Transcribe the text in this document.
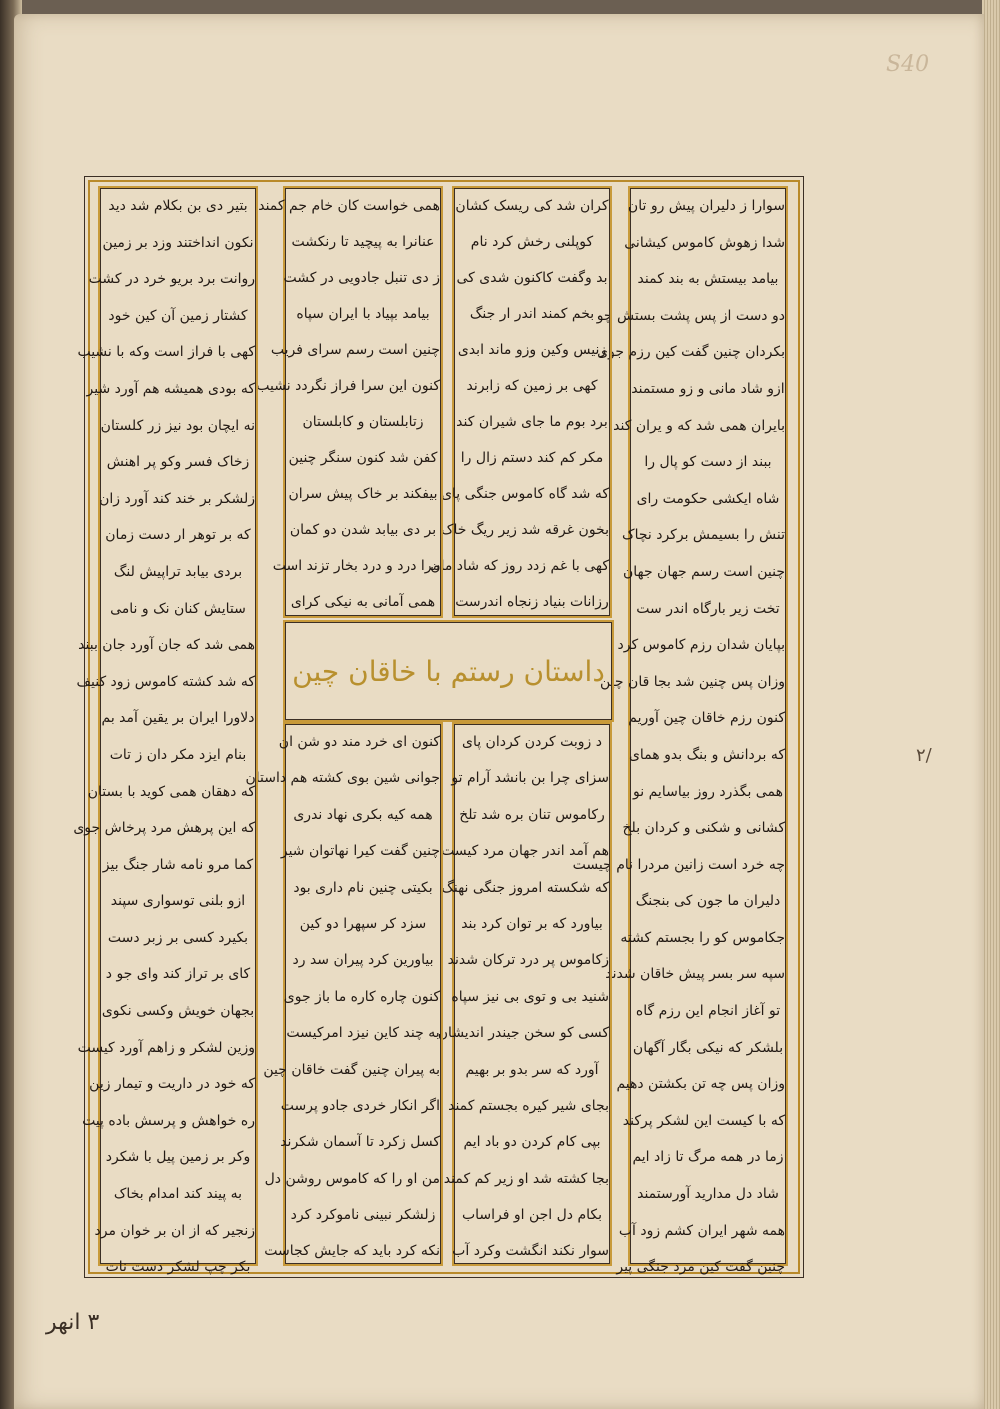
S40
٢/
٣ انهر
سوارا ز دلیران پیش رو تان
شدا زهوش کاموس کیشانی
بیامد بیستش به بند کمند
دو دست از پس پشت بستش چو
بکردان چنین گفت کین رزم جوی
ازو شاد مانی و زو مستمند
بایران همی شد که و یران کند
ببند از دست کو پال را
شاه ایکشی حکومت رای
تنش را بسیمش برکرد نچاک
چنین است رسم جهان جهان
تخت زیر بارگاه اندر ست
بپایان شدان رزم کاموس کرد
وزان پس چنین شد بجا قان چین
کنون رزم خاقان چین آوریم
که بردانش و بنگ بدو همای
همی بگذرد روز بیاسایم نو
کشانی و شکنی و کردان بلخ
چه خرد است زانین مردرا نام چیست
دلیران ما جون کی بنجنگ
جکاموس کو را بجستم کشته
سپه سر بسر پیش خاقان شدند
تو آغاز انجام این رزم گاه
بلشکر که نیکی بگار آگهان
وزان پس چه تن بکشتن دهیم
که با کیست این لشکر پرکند
زما در همه مرگ تا زاد ایم
شاد دل مدارید آورستمند
همه شهر ایران کشم زود آب
چنین گفت کین مرد جنگی پیر
کران شد کی ریسک کشان
کوپلنی رخش کرد نام
بد وگفت کاکنون شدی کی
بخم کمند اندر ار جنگ
زنیس وکین وزو ماند ابدی
کهی بر زمین که زابرند
برد بوم ما جای شیران کند
مکر کم کند دستم زال را
که شد گاه کاموس جنگی پای
بخون غرقه شد زیر ریگ خاک
کهی با غم زدد روز که شاد مان
رزانات بنیاد زنجاه اندرست
د زوبت کردن کردان پای
سزای چرا بن بانشد آرام تو
رکاموس تنان بره شد تلخ
هم آمد اندر جهان مرد کیست
که شکسته امروز جنگی نهنگ
بیاورد که بر توان کرد بند
زکاموس پر درد ترکان شدند
شنید بی و توی بی نیز سپاه
کسی کو سخن جیندر اندیشان
آورد که سر بدو بر بهیم
بجای شیر کیره بجستم کمند
بپی کام کردن دو باد ایم
بجا کشته شد او زیر کم کمند
بکام دل اجن او فراساب
سوار نکند انگشت وکرد آب
همی خواست کان خام جم کمند
عنانرا به پیچید تا رنکشت
ز دی تنبل جادویی در کشت
بیامد بپیاد با ایران سپاه
چنین است رسم سرای فریب
کنون این سرا فراز نگردد نشیب
زتابلستان و کابلستان
کفن شد کنون سنگر چنین
بیفکند بر خاک پیش سران
بر دی بیابد شدن دو کمان
مرا درد و درد بخار تزند است
همی آمانی به نیکی کرای
کنون ای خرد مند دو شن ان
جوانی شین بوی کشته هم داستان
همه کیه بکری نهاد ندری
چنین گفت کیرا نهاتوان شیر
بکیتی چنین نام داری بود
سزد کر سپهرا دو کین
بیاورین کرد پیران سد رد
کنون چاره کاره ما باز جوی
به چند کاین نیزد امرکیست
به پیران چنین گفت خاقان چین
اگر انکار خردی جادو پرست
کسل زکرد تا آسمان شکرند
من او را که کاموس روشن دل
زلشکر نبینی ناموکرد کرد
نکه کرد باید که جایش کجاست
بتیر دی بن بکلام شد دید
نکون انداختند وزد بر زمین
روانت برد بریو خرد در کشت
کشتار زمین آن کین خود
کهی با فراز است وکه با نشیب
که بودی همیشه هم آورد شیر
نه ایچان بود نیز زر کلستان
زخاک فسر وکو پر اهنش
زلشکر بر خند کند آورد زان
که بر توهر ار دست زمان
بردی بیابد تراپیش لنگ
ستایش کنان نک و نامی
همی شد که جان آورد جان ببند
که شد کشته کاموس زود کنیف
دلاورا ایران بر یقین آمد بم
بنام ایزد مکر دان ز تات
که دهقان همی کوید با بستان
که این پرهش مرد پرخاش جوی
کما مرو نامه شار جنگ بیز
ازو بلنی توسواری سپند
بکیرد کسی بر زبر دست
کای بر تراز کند وای جو د
بجهان خویش وکسی نکوی
وزین لشکر و زاهم آورد کیست
که خود در داریت و تیمار زین
ره خواهش و پرسش باده پیت
وکر بر زمین پیل با شکرد
به پیند کند امدام بخاک
زنجیر که از ان بر خوان مرد
بکر چپ لشکر دست نات
داستان رستم با خاقان چین
